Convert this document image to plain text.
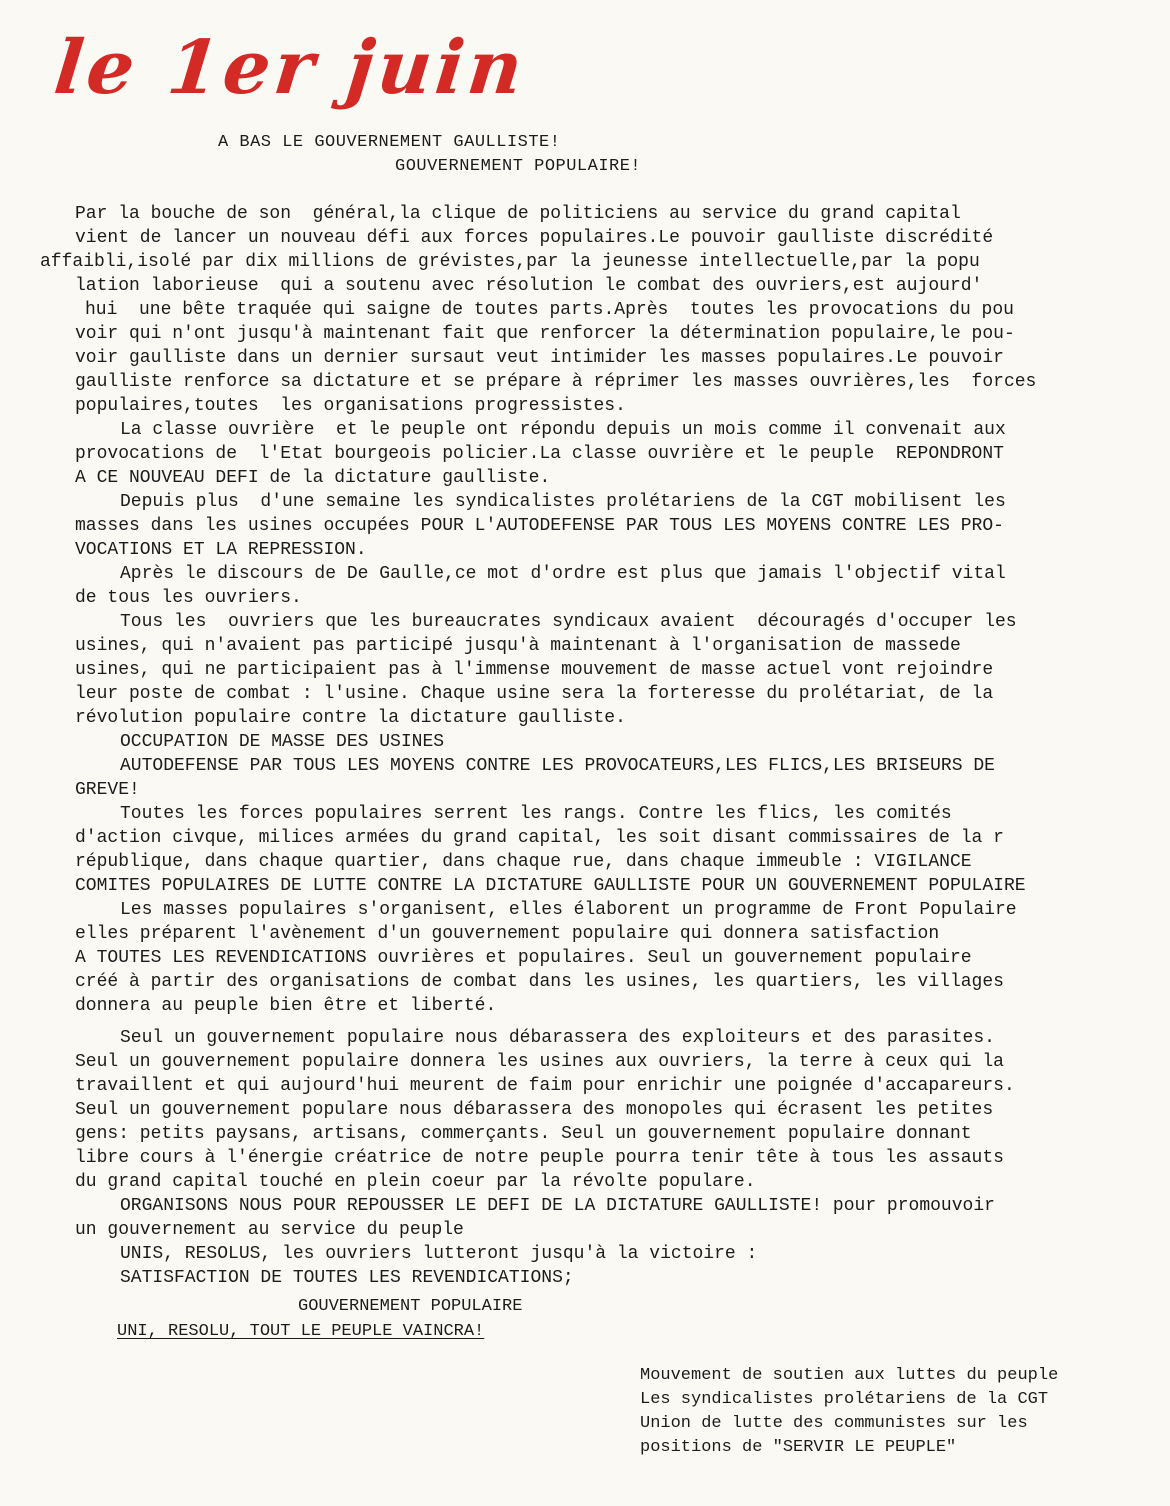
le 1er juin
A BAS LE GOUVERNEMENT GAULLISTE!
GOUVERNEMENT POPULAIRE!
Par la bouche de son  général,la clique de politiciens au service du grand capital
vient de lancer un nouveau défi aux forces populaires.Le pouvoir gaulliste discrédité
affaibli,isolé par dix millions de grévistes,par la jeunesse intellectuelle,par la popu
lation laborieuse  qui a soutenu avec résolution le combat des ouvriers,est aujourd'
hui  une bête traquée qui saigne de toutes parts.Après  toutes les provocations du pou
voir qui n'ont jusqu'à maintenant fait que renforcer la détermination populaire,le pou-
voir gaulliste dans un dernier sursaut veut intimider les masses populaires.Le pouvoir
gaulliste renforce sa dictature et se prépare à réprimer les masses ouvrières,les  forces
populaires,toutes  les organisations progressistes.
La classe ouvrière  et le peuple ont répondu depuis un mois comme il convenait aux
provocations de  l'Etat bourgeois policier.La classe ouvrière et le peuple  REPONDRONT
A CE NOUVEAU DEFI de la dictature gaulliste.
Depuis plus  d'une semaine les syndicalistes prolétariens de la CGT mobilisent les
masses dans les usines occupées POUR L'AUTODEFENSE PAR TOUS LES MOYENS CONTRE LES PRO-
VOCATIONS ET LA REPRESSION.
Après le discours de De Gaulle,ce mot d'ordre est plus que jamais l'objectif vital
de tous les ouvriers.
Tous les  ouvriers que les bureaucrates syndicaux avaient  découragés d'occuper les
usines, qui n'avaient pas participé jusqu'à maintenant à l'organisation de massede
usines, qui ne participaient pas à l'immense mouvement de masse actuel vont rejoindre
leur poste de combat : l'usine. Chaque usine sera la forteresse du prolétariat, de la
révolution populaire contre la dictature gaulliste.
OCCUPATION DE MASSE DES USINES
AUTODEFENSE PAR TOUS LES MOYENS CONTRE LES PROVOCATEURS,LES FLICS,LES BRISEURS DE
GREVE!
Toutes les forces populaires serrent les rangs. Contre les flics, les comités
d'action civque, milices armées du grand capital, les soit disant commissaires de la r
république, dans chaque quartier, dans chaque rue, dans chaque immeuble : VIGILANCE
COMITES POPULAIRES DE LUTTE CONTRE LA DICTATURE GAULLISTE POUR UN GOUVERNEMENT POPULAIRE
Les masses populaires s'organisent, elles élaborent un programme de Front Populaire
elles préparent l'avènement d'un gouvernement populaire qui donnera satisfaction
A TOUTES LES REVENDICATIONS ouvrières et populaires. Seul un gouvernement populaire
créé à partir des organisations de combat dans les usines, les quartiers, les villages
donnera au peuple bien être et liberté.
Seul un gouvernement populaire nous débarassera des exploiteurs et des parasites.
Seul un gouvernement populaire donnera les usines aux ouvriers, la terre à ceux qui la
travaillent et qui aujourd'hui meurent de faim pour enrichir une poignée d'accapareurs.
Seul un gouvernement populare nous débarassera des monopoles qui écrasent les petites
gens: petits paysans, artisans, commerçants. Seul un gouvernement populaire donnant
libre cours à l'énergie créatrice de notre peuple pourra tenir tête à tous les assauts
du grand capital touché en plein coeur par la révolte populare.
ORGANISONS NOUS POUR REPOUSSER LE DEFI DE LA DICTATURE GAULLISTE! pour promouvoir
un gouvernement au service du peuple
UNIS, RESOLUS, les ouvriers lutteront jusqu'à la victoire :
SATISFACTION DE TOUTES LES REVENDICATIONS;
GOUVERNEMENT POPULAIRE
UNI, RESOLU, TOUT LE PEUPLE VAINCRA!
Mouvement de soutien aux luttes du peuple
Les syndicalistes prolétariens de la CGT
Union de lutte des communistes sur les
positions de "SERVIR LE PEUPLE"
